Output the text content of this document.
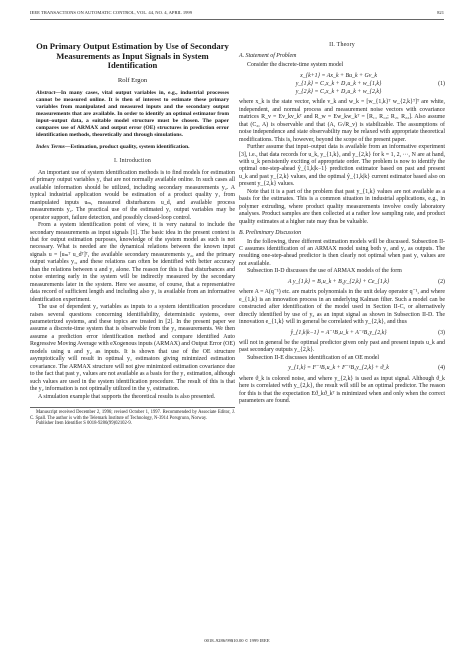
IEEE TRANSACTIONS ON AUTOMATIC CONTROL, VOL. 44, NO. 4, APRIL 1999	821
On Primary Output Estimation by Use of Secondary Measurements as Input Signals in System Identification
Rolf Ergon
Abstract—In many cases, vital output variables in, e.g., industrial processes cannot be measured online. It is then of interest to estimate these primary variables from manipulated and measured inputs and the secondary output measurements that are available. In order to identify an optimal estimator from input–output data, a suitable model structure must be chosen. The paper compares use of ARMAX and output error (OE) structures in prediction error identification methods, theoretically and through simulations.
Index Terms—Estimation, product quality, system identification.
I. Introduction

An important use of system identification methods is to find models for estimation of primary output variables y₁ that are not normally available online. In such cases all available information should be utilized, including secondary measurements y₂. A typical industrial application would be estimation of a product quality y₁ from manipulated inputs uₘ, measured disturbances u_d, and available process measurements y₂. The practical use of the estimated y₁ output variables may be operator support, failure detection, and possibly closed-loop control.

From a system identification point of view, it is very natural to include the secondary measurements as input signals [1]. The basic idea in the present context is that for output estimation purposes, knowledge of the system model as such is not necessary. What is needed are the dynamical relations between the known input signals u = [uₘᵀ u_dᵀ]ᵀ, the available secondary measurements y₂, and the primary output variables y₁, and these relations can often be identified with better accuracy than the relations between u and y₁ alone. The reason for this is that disturbances and noise entering early in the system will be indirectly measured by the secondary measurements later in the system. Here we assume, of course, that a representative data record of sufficient length and including also y₁ is available from an informative identification experiment.

The use of dependent y₂ variables as inputs to a system identification procedure raises several questions concerning identifiability, deterministic systems, over parameterized systems, and these topics are treated in [2]. In the present paper we assume a discrete-time system that is observable from the y₂ measurements. We then assume a prediction error identification method and compare identified Auto Regressive Moving Average with eXogenous inputs (ARMAX) and Output Error (OE) models using u and y₂ as inputs. It is shown that use of the OE structure asymptotically will result in optimal y₁ estimators giving minimized estimation covariance. The ARMAX structure will not give minimized estimation covariance due to the fact that past y₁ values are not available as a basis for the y₁ estimation, although such values are used in the system identification procedure. The result of this is that the y₂ information is not optimally utilized in the y₁ estimation.

A simulation example that supports the theoretical results is also presented.

Manuscript received December 2, 1996; revised October 1, 1997. Recommended by Associate Editor, J. C. Spall. The author is with the Telemark Institute of Technology, N-3914 Porsgrunn, Norway.
Publisher Item Identifier S 0018-9286(99)02102-9.
II. Theory
A. Statement of Problem

Consider the discrete-time system model

x_{k+1} = Ax_k + Bu_k + Gv_k
y_{1,k} = C₁x_k + D₁u_k + w_{1,k}
y_{2,k} = C₂x_k + D₂u_k + w_{2,k}
(1)

where x_k is the state vector, while v_k and w_k = [w_{1,k}ᵀ w_{2,k}ᵀ]ᵀ are white, independent, and normal process and measurement noise vectors with covariance matrices R_v = Ev_kv_kᵀ and R_w = Ew_kw_kᵀ = [R₁₁ R₁₂; R₂₁ R₂₂]. Also assume that (C₂, A) is observable and that (A, G√R_v) is stabilizable. The assumptions of noise independence and state observability may be relaxed with appropriate theoretical modifications. This is, however, beyond the scope of the present paper.

Further assume that input–output data is available from an informative experiment [3], i.e., that data records for u_k, y_{1,k}, and y_{2,k} for k = 1, 2, ···, N are at hand, with u_k persistently exciting of appropriate order. The problem is now to identify the optimal one-step-ahead ŷ_{1,k|k−1} prediction estimator based on past and present u_k and past y_{2,k} values, and the optimal ŷ_{1,k|k} current estimator based also on present y_{2,k} values.

Note that it is a part of the problem that past y_{1,k} values are not available as a basis for the estimates. This is a common situation in industrial applications, e.g., in polymer extruding, where product quality measurements involve costly laboratory analyses. Product samples are then collected at a rather low sampling rate, and product quality estimates at a higher rate may thus be valuable.

B. Preliminary Discussion

In the following, three different estimation models will be discussed. Subsection II-C assumes identification of an ARMAX model using both y₁ and y₂ as outputs. The resulting one-step-ahead predictor is then clearly not optimal when past y₁ values are not available.

Subsection II-D discusses the use of ARMAX models of the form

A y_{1,k} = B₁u_k + B₂y_{2,k} + Ce_{1,k}	(2)

where A = A(q⁻¹) etc. are matrix polynomials in the unit delay operator q⁻¹, and where e_{1,k} is an innovation process in an underlying Kalman filter. Such a model can be constructed after identification of the model used in Section II-C, or alternatively directly identified by use of y₂ as an input signal as shown in Subsection II-D. The innovation e_{1,k} will in general be correlated with y_{2,k}, and thus

ŷ_{1,k|k−1} = A⁻¹B₁u_k + A⁻¹B₂y_{2,k}	(3)

will not in general be the optimal predictor given only past and present inputs u_k and past secondary outputs y_{2,k}.

Subsection II-E discusses identification of an OE model

y_{1,k} = F⁻¹B₁u_k + F⁻¹B₂y_{2,k} + ϑ_k	(4)

where ϑ_k is colored noise, and where y_{2,k} is used as input signal. Although ϑ_k here is correlated with y_{2,k}, the result will still be an optimal predictor. The reason for this is that the expectation Eϑ_kϑ_kᵀ is minimized when and only when the correct parameters are found.

0018–9286/99$10.00 © 1999 IEEE
